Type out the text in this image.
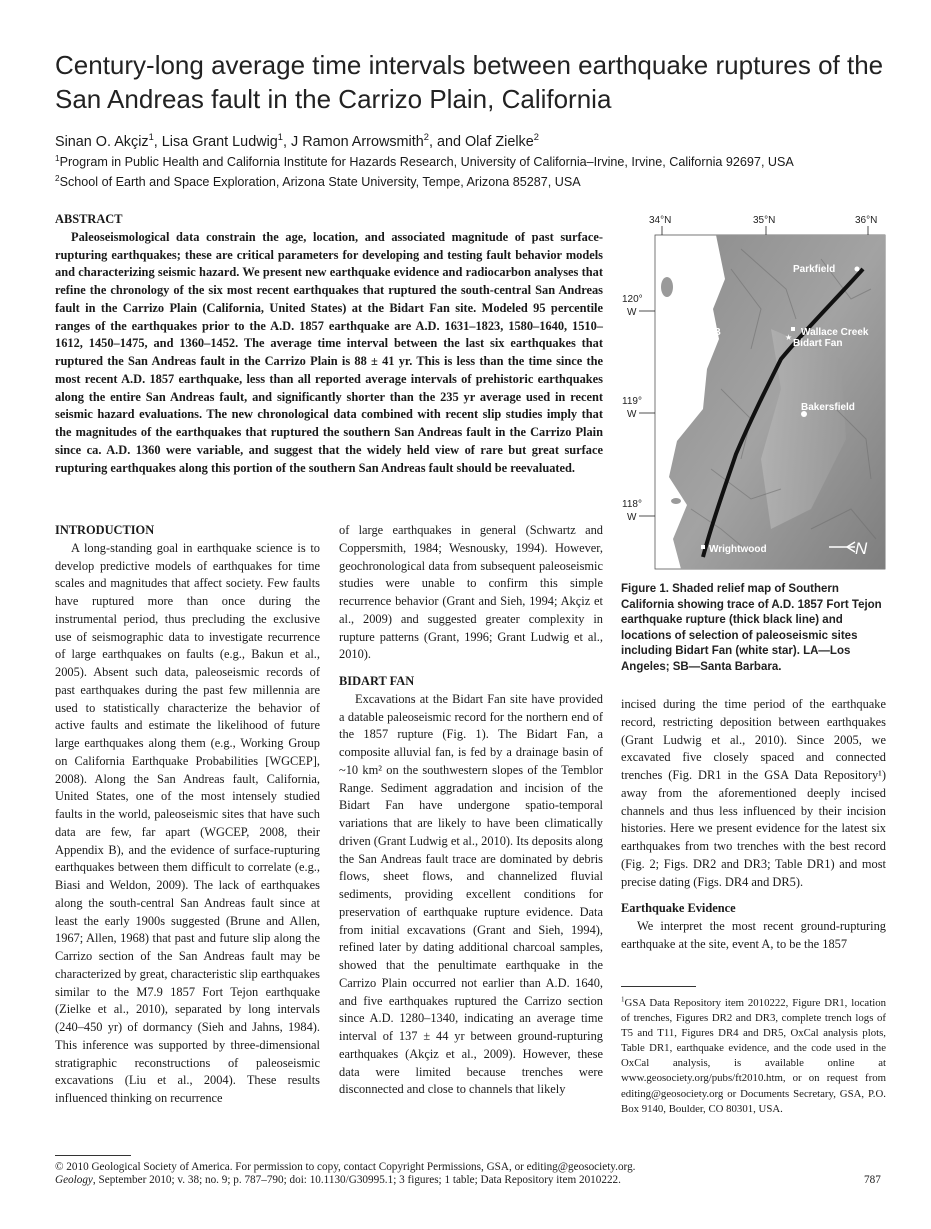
Century-long average time intervals between earthquake ruptures of the San Andreas fault in the Carrizo Plain, California
Sinan O. Akçiz$^1$, Lisa Grant Ludwig$^1$, J Ramon Arrowsmith$^2$, and Olaf Zielke$^2$
$^1$Program in Public Health and California Institute for Hazards Research, University of California–Irvine, Irvine, California 92697, USA
$^2$School of Earth and Space Exploration, Arizona State University, Tempe, Arizona 85287, USA
ABSTRACT

Paleoseismological data constrain the age, location, and associated magnitude of past surface-rupturing earthquakes; these are critical parameters for developing and testing fault behavior models and characterizing seismic hazard. We present new earthquake evidence and radiocarbon analyses that refine the chronology of the six most recent earthquakes that ruptured the south-central San Andreas fault in the Carrizo Plain (California, United States) at the Bidart Fan site. Modeled 95 percentile ranges of the earthquakes prior to the A.D. 1857 earthquake are A.D. 1631–1823, 1580–1640, 1510–1612, 1450–1475, and 1360–1452. The average time interval between the last six earthquakes that ruptured the San Andreas fault in the Carrizo Plain is 88 ± 41 yr. This is less than the time since the most recent A.D. 1857 earthquake, less than all reported average intervals of prehistoric earthquakes along the entire San Andreas fault, and significantly shorter than the 235 yr average used in recent seismic hazard evaluations. The new chronological data combined with recent slip studies imply that the magnitudes of the earthquakes that ruptured the southern San Andreas fault in the Carrizo Plain since ca. A.D. 1360 were variable, and suggest that the widely held view of rare but great surface rupturing earthquakes along this portion of the southern San Andreas fault should be reevaluated.

INTRODUCTION

A long-standing goal in earthquake science is to develop predictive models of earthquakes for time scales and magnitudes that affect society. Few faults have ruptured more than once during the instrumental period, thus precluding the exclusive use of seismographic data to investigate recurrence of large earthquakes on faults (e.g., Bakun et al., 2005). Absent such data, paleoseismic records of past earthquakes during the past few millennia are used to statistically characterize the behavior of active faults and estimate the likelihood of future large earthquakes along them (e.g., Working Group on California Earthquake Probabilities [WGCEP], 2008). Along the San Andreas fault, California, United States, one of the most intensely studied faults in the world, paleoseismic sites that have such data are few, far apart (WGCEP, 2008, their Appendix B), and the evidence of surface-rupturing earthquakes between them difficult to correlate (e.g., Biasi and Weldon, 2009). The lack of earthquakes along the south-central San Andreas fault since at least the early 1900s suggested (Brune and Allen, 1967; Allen, 1968) that past and future slip along the Carrizo section of the San Andreas fault may be characterized by great, characteristic slip earthquakes similar to the M7.9 1857 Fort Tejon earthquake (Zielke et al., 2010), separated by long intervals (240–450 yr) of dormancy (Sieh and Jahns, 1984). This inference was supported by three-dimensional stratigraphic reconstructions of paleoseismic excavations (Liu et al., 2004). These results influenced thinking on recurrence

of large earthquakes in general (Schwartz and Coppersmith, 1984; Wesnousky, 1994). However, geochronological data from subsequent paleoseismic studies were unable to confirm this simple recurrence behavior (Grant and Sieh, 1994; Akçiz et al., 2009) and suggested greater complexity in rupture patterns (Grant, 1996; Grant Ludwig et al., 2010).

BIDART FAN

Excavations at the Bidart Fan site have provided a datable paleoseismic record for the northern end of the 1857 rupture (Fig. 1). The Bidart Fan, a composite alluvial fan, is fed by a drainage basin of ~10 km² on the southwestern slopes of the Temblor Range. Sediment aggradation and incision of the Bidart Fan have undergone spatio-temporal variations that are likely to have been climatically driven (Grant Ludwig et al., 2010). Its deposits along the San Andreas fault trace are dominated by debris flows, sheet flows, and channelized fluvial sediments, providing excellent conditions for preservation of earthquake rupture evidence. Data from initial excavations (Grant and Sieh, 1994), refined later by dating additional charcoal samples, showed that the penultimate earthquake in the Carrizo Plain occurred not earlier than A.D. 1640, and five earthquakes ruptured the Carrizo section since A.D. 1280–1340, indicating an average time interval of 137 ± 44 yr between ground-rupturing earthquakes (Akçiz et al., 2009). However, these data were limited because trenches were disconnected and close to channels that likely

★
Parkfield
Wallace Creek
Bidart Fan
Bakersfield
SB
LA
Wrightwood	N
34°N	35°N	36°N
120°
W
119°
W
118°
W
Figure 1. Shaded relief map of Southern California showing trace of A.D. 1857 Fort Tejon earthquake rupture (thick black line) and locations of selection of paleoseismic sites including Bidart Fan (white star). LA—Los Angeles; SB—Santa Barbara.

incised during the time period of the earthquake record, restricting deposition between earthquakes (Grant Ludwig et al., 2010). Since 2005, we excavated five closely spaced and connected trenches (Fig. DR1 in the GSA Data Repository¹) away from the aforementioned deeply incised channels and thus less influenced by their incision histories. Here we present evidence for the latest six earthquakes from two trenches with the best record (Fig. 2; Figs. DR2 and DR3; Table DR1) and most precise dating (Figs. DR4 and DR5).

Earthquake Evidence

We interpret the most recent ground-rupturing earthquake at the site, event A, to be the 1857

$^1$GSA Data Repository item 2010222, Figure DR1, location of trenches, Figures DR2 and DR3, complete trench logs of T5 and T11, Figures DR4 and DR5, OxCal analysis plots, Table DR1, earthquake evidence, and the code used in the OxCal analysis, is available online at www.geosociety.org/pubs/ft2010.htm, or on request from editing@geosociety.org or Documents Secretary, GSA, P.O. Box 9140, Boulder, CO 80301, USA.
© 2010 Geological Society of America. For permission to copy, contact Copyright Permissions, GSA, or editing@geosociety.org.
Geology, September 2010; v. 38; no. 9; p. 787–790; doi: 10.1130/G30995.1; 3 figures; 1 table; Data Repository item 2010222.	787
